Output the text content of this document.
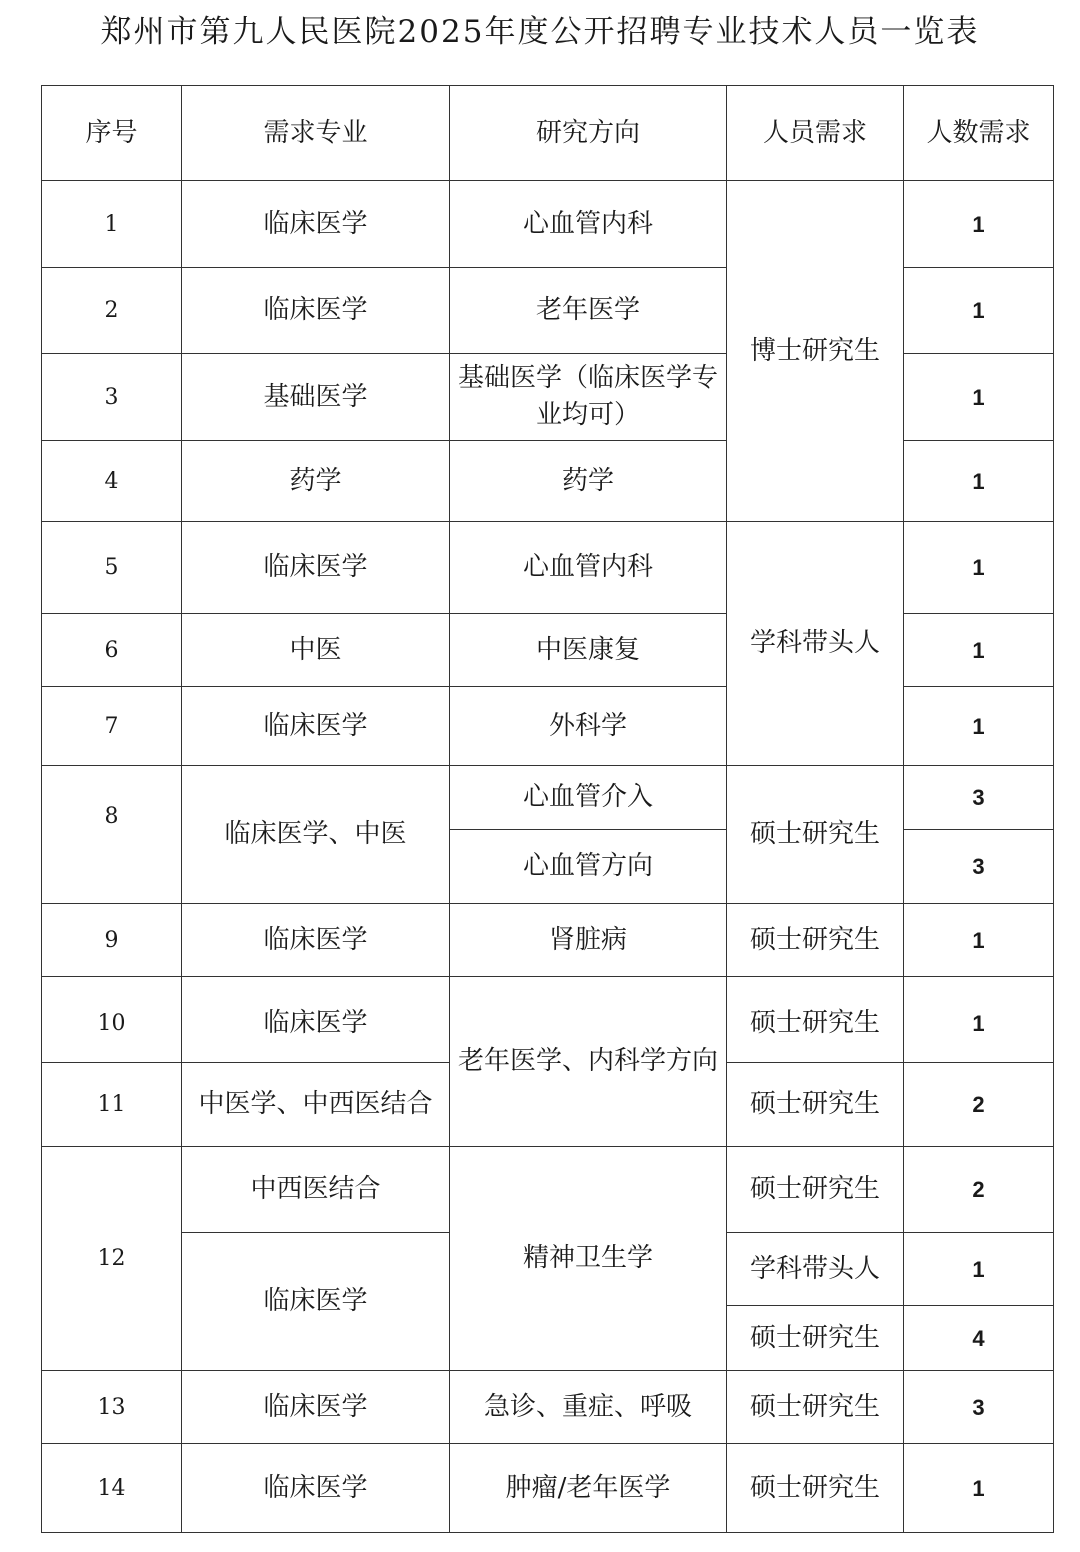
郑州市第九人民医院2025年度公开招聘专业技术人员一览表
序号	需求专业	研究方向	人员需求	人数需求
1	临床医学	心血管内科	博士研究生	1
2	临床医学	老年医学		1
3	基础医学	基础医学（临床医学专业均可）		1
4	药学	药学		1
5	临床医学	心血管内科	学科带头人	1
6	中医	中医康复		1
7	临床医学	外科学		1
8	临床医学、中医	心血管介入	硕士研究生	3
		心血管方向		3
9	临床医学	肾脏病	硕士研究生	1
10	临床医学	老年医学、内科学方向	硕士研究生	1
11	中医学、中西医结合		硕士研究生	2
12	中西医结合	精神卫生学	硕士研究生	2
	临床医学		学科带头人	1
			硕士研究生	4
13	临床医学	急诊、重症、呼吸	硕士研究生	3
14	临床医学	肿瘤/老年医学	硕士研究生	1
